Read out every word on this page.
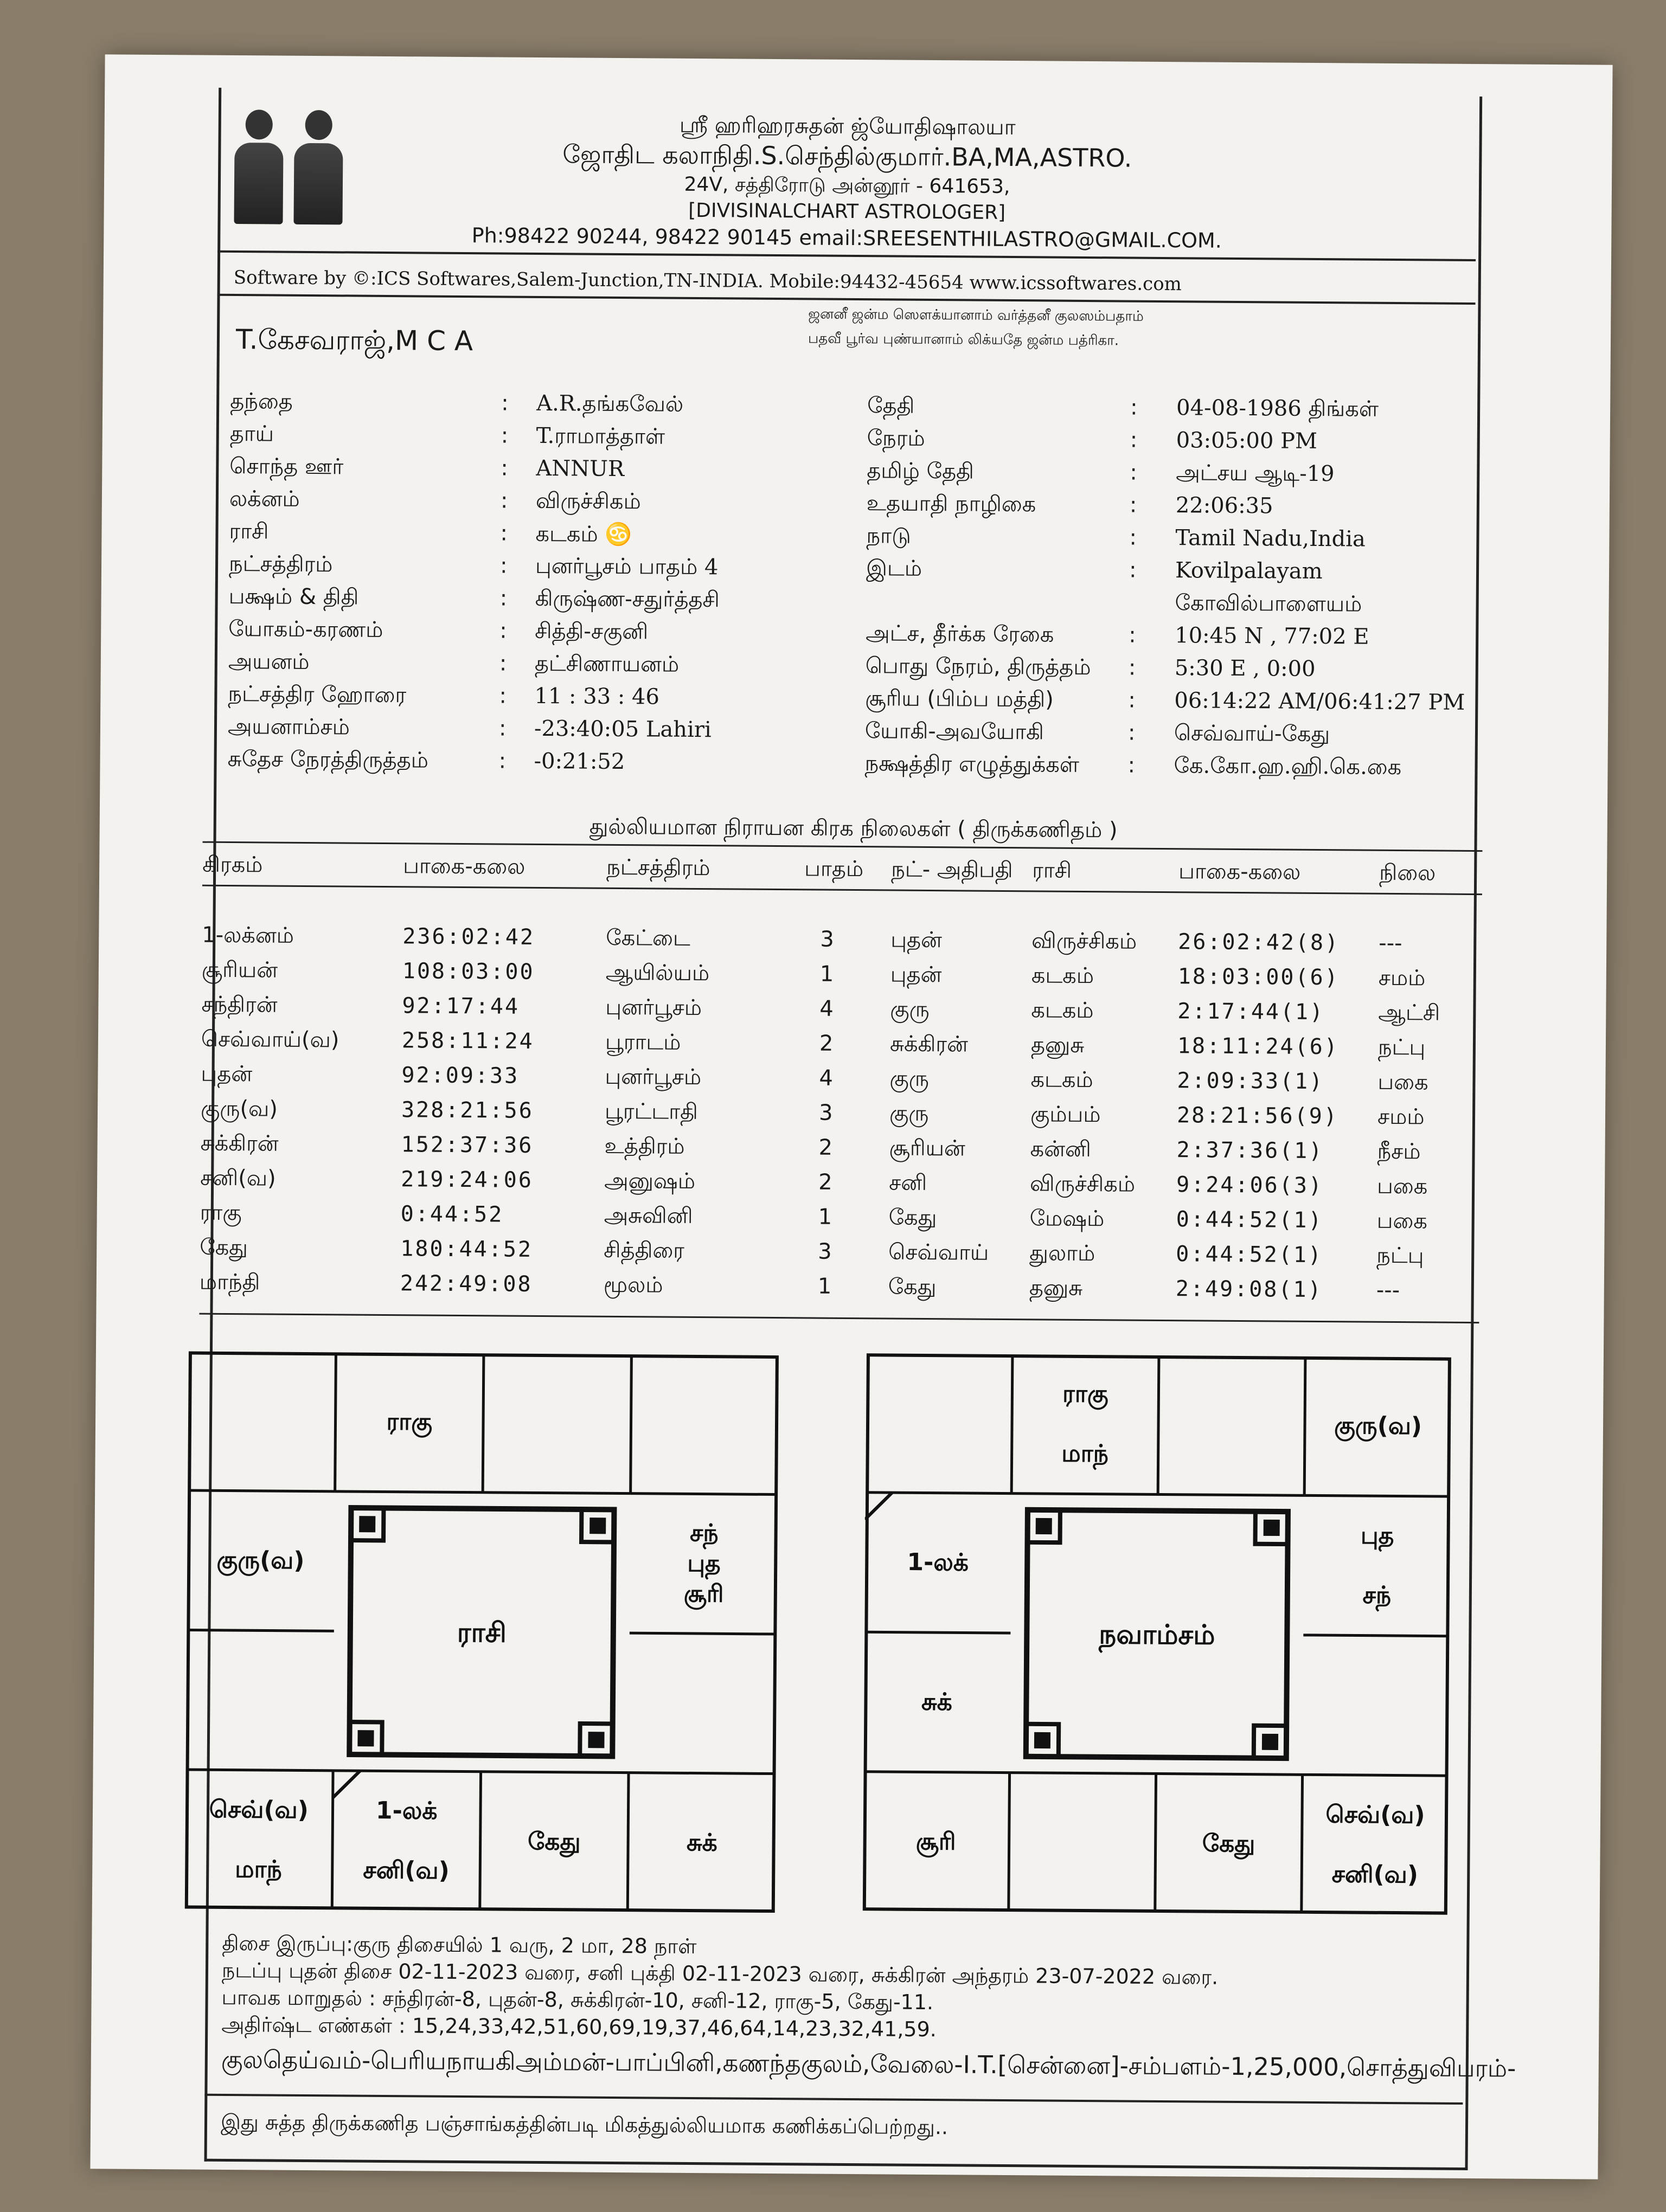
ஸ்ரீ ஹரிஹரசுதன் ஜ்யோதிஷாலயா
ஜோதிட கலாநிதி.S.செந்தில்குமார்.BA,MA,ASTRO.
24V, சத்திரோடு அன்னூர் - 641653,
[DIVISINALCHART ASTROLOGER]
Ph:98422 90244, 98422 90145 email:SREESENTHILASTRO@GMAIL.COM.
Software by ©:ICS Softwares,Salem-Junction,TN-INDIA. Mobile:94432-45654 www.icssoftwares.com
ஜனனீ ஜன்ம ஸௌக்யானாம் வர்த்தனீ குலஸம்பதாம்
பதவீ பூர்வ புண்யானாம் லிக்யதே ஜன்ம பத்ரிகா.
T.கேசவராஜ்,M C A
தந்தை	: A.R.தங்கவேல்
தாய்	: T.ராமாத்தாள்
சொந்த ஊர்	: ANNUR
லக்னம்	: விருச்சிகம்
ராசி	: கடகம் ♋
நட்சத்திரம்	: புனர்பூசம் பாதம் 4
பக்ஷம் & திதி	: கிருஷ்ண-சதுர்த்தசி
யோகம்-கரணம்	: சித்தி-சகுனி
அயனம்	: தட்சிணாயனம்
நட்சத்திர ஹோரை	: 11 : 33 : 46
அயனாம்சம்	: -23:40:05 Lahiri
சுதேச நேரத்திருத்தம்	: -0:21:52
தேதி	: 04-08-1986 திங்கள்
நேரம்	: 03:05:00 PM
தமிழ் தேதி	: அட்சய ஆடி-19
உதயாதி நாழிகை	: 22:06:35
நாடு	: Tamil Nadu,India
இடம்	: Kovilpalayam
கோவில்பாளையம்
அட்ச, தீர்க்க ரேகை	: 10:45 N , 77:02 E
பொது நேரம், திருத்தம் : 5:30 E , 0:00
சூரிய (பிம்ப மத்தி)	: 06:14:22 AM/06:41:27 PM
யோகி-அவயோகி	: செவ்வாய்-கேது
நக்ஷத்திர எழுத்துக்கள் : கே.கோ.ஹ.ஹி.கெ.கை
துல்லியமான நிராயன கிரக நிலைகள் ( திருக்கணிதம் )
கிரகம்	பாகை-கலை	நட்சத்திரம்	பாதம் நட்- அதிபதி ராசி	பாகை-கலை	நிலை
1-லக்னம்	236:02:42	கேட்டை	3	புதன்	விருச்சிகம் 26:02:42(8) ---
சூரியன்	108:03:00	ஆயில்யம்	1	புதன்	கடகம்	18:03:00(6) சமம்
சந்திரன்	92:17:44	புனர்பூசம்	4	குரு	கடகம்	2:17:44(1) ஆட்சி
செவ்வாய்(வ)	258:11:24	பூராடம்	2	சுக்கிரன்	தனுசு	18:11:24(6) நட்பு
புதன்	92:09:33	புனர்பூசம்	4	குரு	கடகம்	2:09:33(1) பகை
குரு(வ)	328:21:56	பூரட்டாதி	3	குரு	கும்பம்	28:21:56(9) சமம்
சுக்கிரன்	152:37:36	உத்திரம்	2	சூரியன்	கன்னி	2:37:36(1) நீசம்
சனி(வ)	219:24:06	அனுஷம்	2	சனி	விருச்சிகம் 9:24:06(3) பகை
ராகு	0:44:52	அசுவினி	1	கேது	மேஷம்	0:44:52(1) பகை
கேது	180:44:52	சித்திரை	3	செவ்வாய் துலாம்	0:44:52(1) நட்பு
மாந்தி	242:49:08	மூலம்	1	கேது	தனுசு	2:49:08(1) ---
ராசி
ராகு
குரு(வ)
சந்
புத
சூரி
செவ்(வ)
மாந்
1-லக்
சனி(வ)
கேது	சுக்
நவாம்சம்
ராகு
மாந்
குரு(வ)
1-லக்
புத
சந்
சுக்
சூரி	கேது
செவ்(வ)
சனி(வ)
திசை இருப்பு:குரு திசையில் 1 வரு, 2 மா, 28 நாள்
நடப்பு புதன் திசை 02-11-2023 வரை, சனி புக்தி 02-11-2023 வரை, சுக்கிரன் அந்தரம் 23-07-2022 வரை.
பாவக மாறுதல் : சந்திரன்-8, புதன்-8, சுக்கிரன்-10, சனி-12, ராகு-5, கேது-11.
அதிர்ஷ்ட எண்கள் : 15,24,33,42,51,60,69,19,37,46,64,14,23,32,41,59.
குலதெய்வம்-பெரியநாயகிஅம்மன்-பாப்பினி,கணந்தகுலம்,வேலை-I.T.[சென்னை]-சம்பளம்-1,25,000,சொத்துவிபரம்-
இது சுத்த திருக்கணித பஞ்சாங்கத்தின்படி மிகத்துல்லியமாக கணிக்கப்பெற்றது..
